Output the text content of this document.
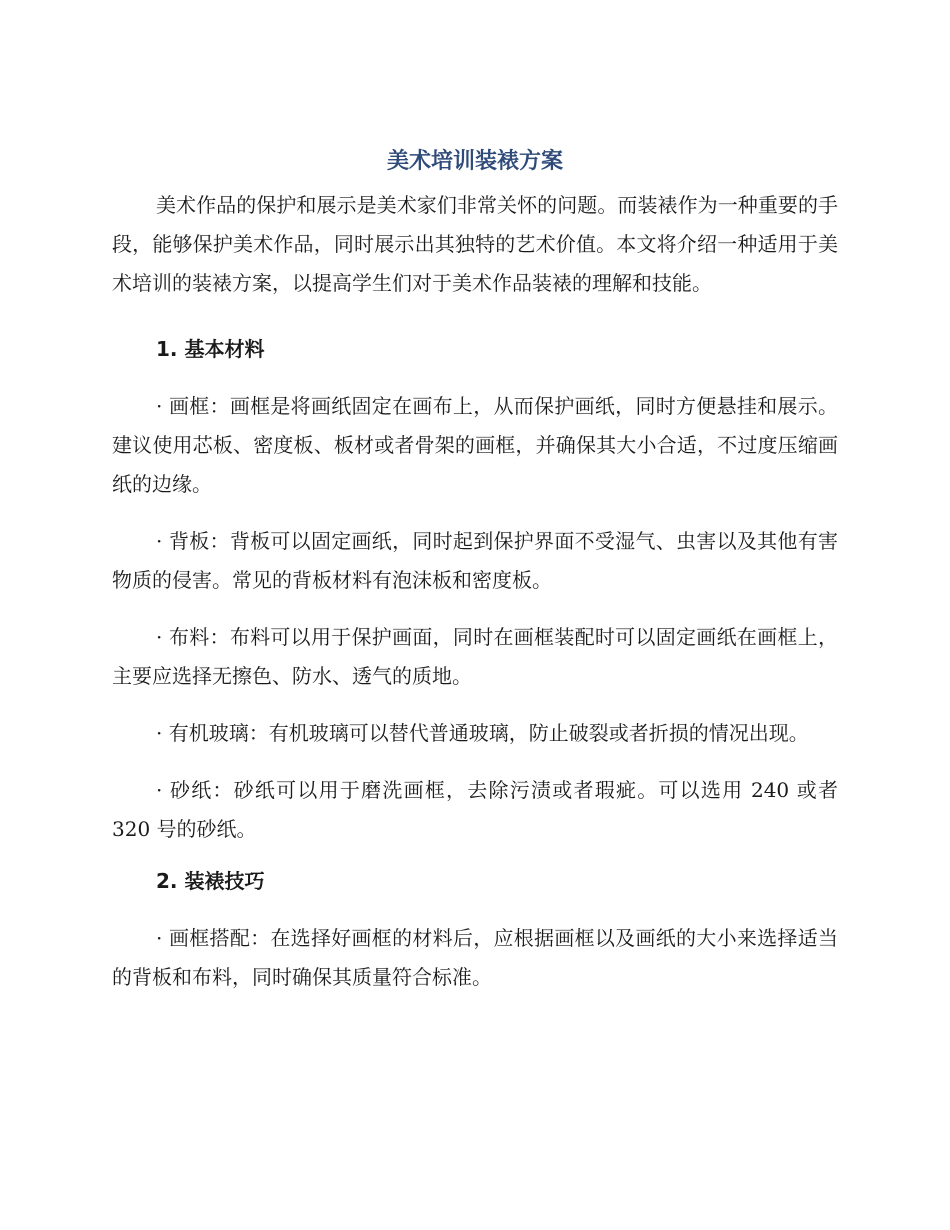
美术培训装裱方案

美术作品的保护和展示是美术家们非常关怀的问题。而装裱作为一种重要的手段，能够保护美术作品，同时展示出其独特的艺术价值。本文将介绍一种适用于美术培训的装裱方案，以提高学生们对于美术作品装裱的理解和技能。

1. 基本材料

· 画框：画框是将画纸固定在画布上，从而保护画纸，同时方便悬挂和展示。建议使用芯板、密度板、板材或者骨架的画框，并确保其大小合适，不过度压缩画纸的边缘。

· 背板：背板可以固定画纸，同时起到保护界面不受湿气、虫害以及其他有害物质的侵害。常见的背板材料有泡沫板和密度板。

· 布料：布料可以用于保护画面，同时在画框装配时可以固定画纸在画框上，主要应选择无擦色、防水、透气的质地。

· 有机玻璃：有机玻璃可以替代普通玻璃，防止破裂或者折损的情况出现。

· 砂纸：砂纸可以用于磨洗画框，去除污渍或者瑕疵。可以选用 240 或者 320 号的砂纸。

2. 装裱技巧

· 画框搭配：在选择好画框的材料后，应根据画框以及画纸的大小来选择适当的背板和布料，同时确保其质量符合标准。
